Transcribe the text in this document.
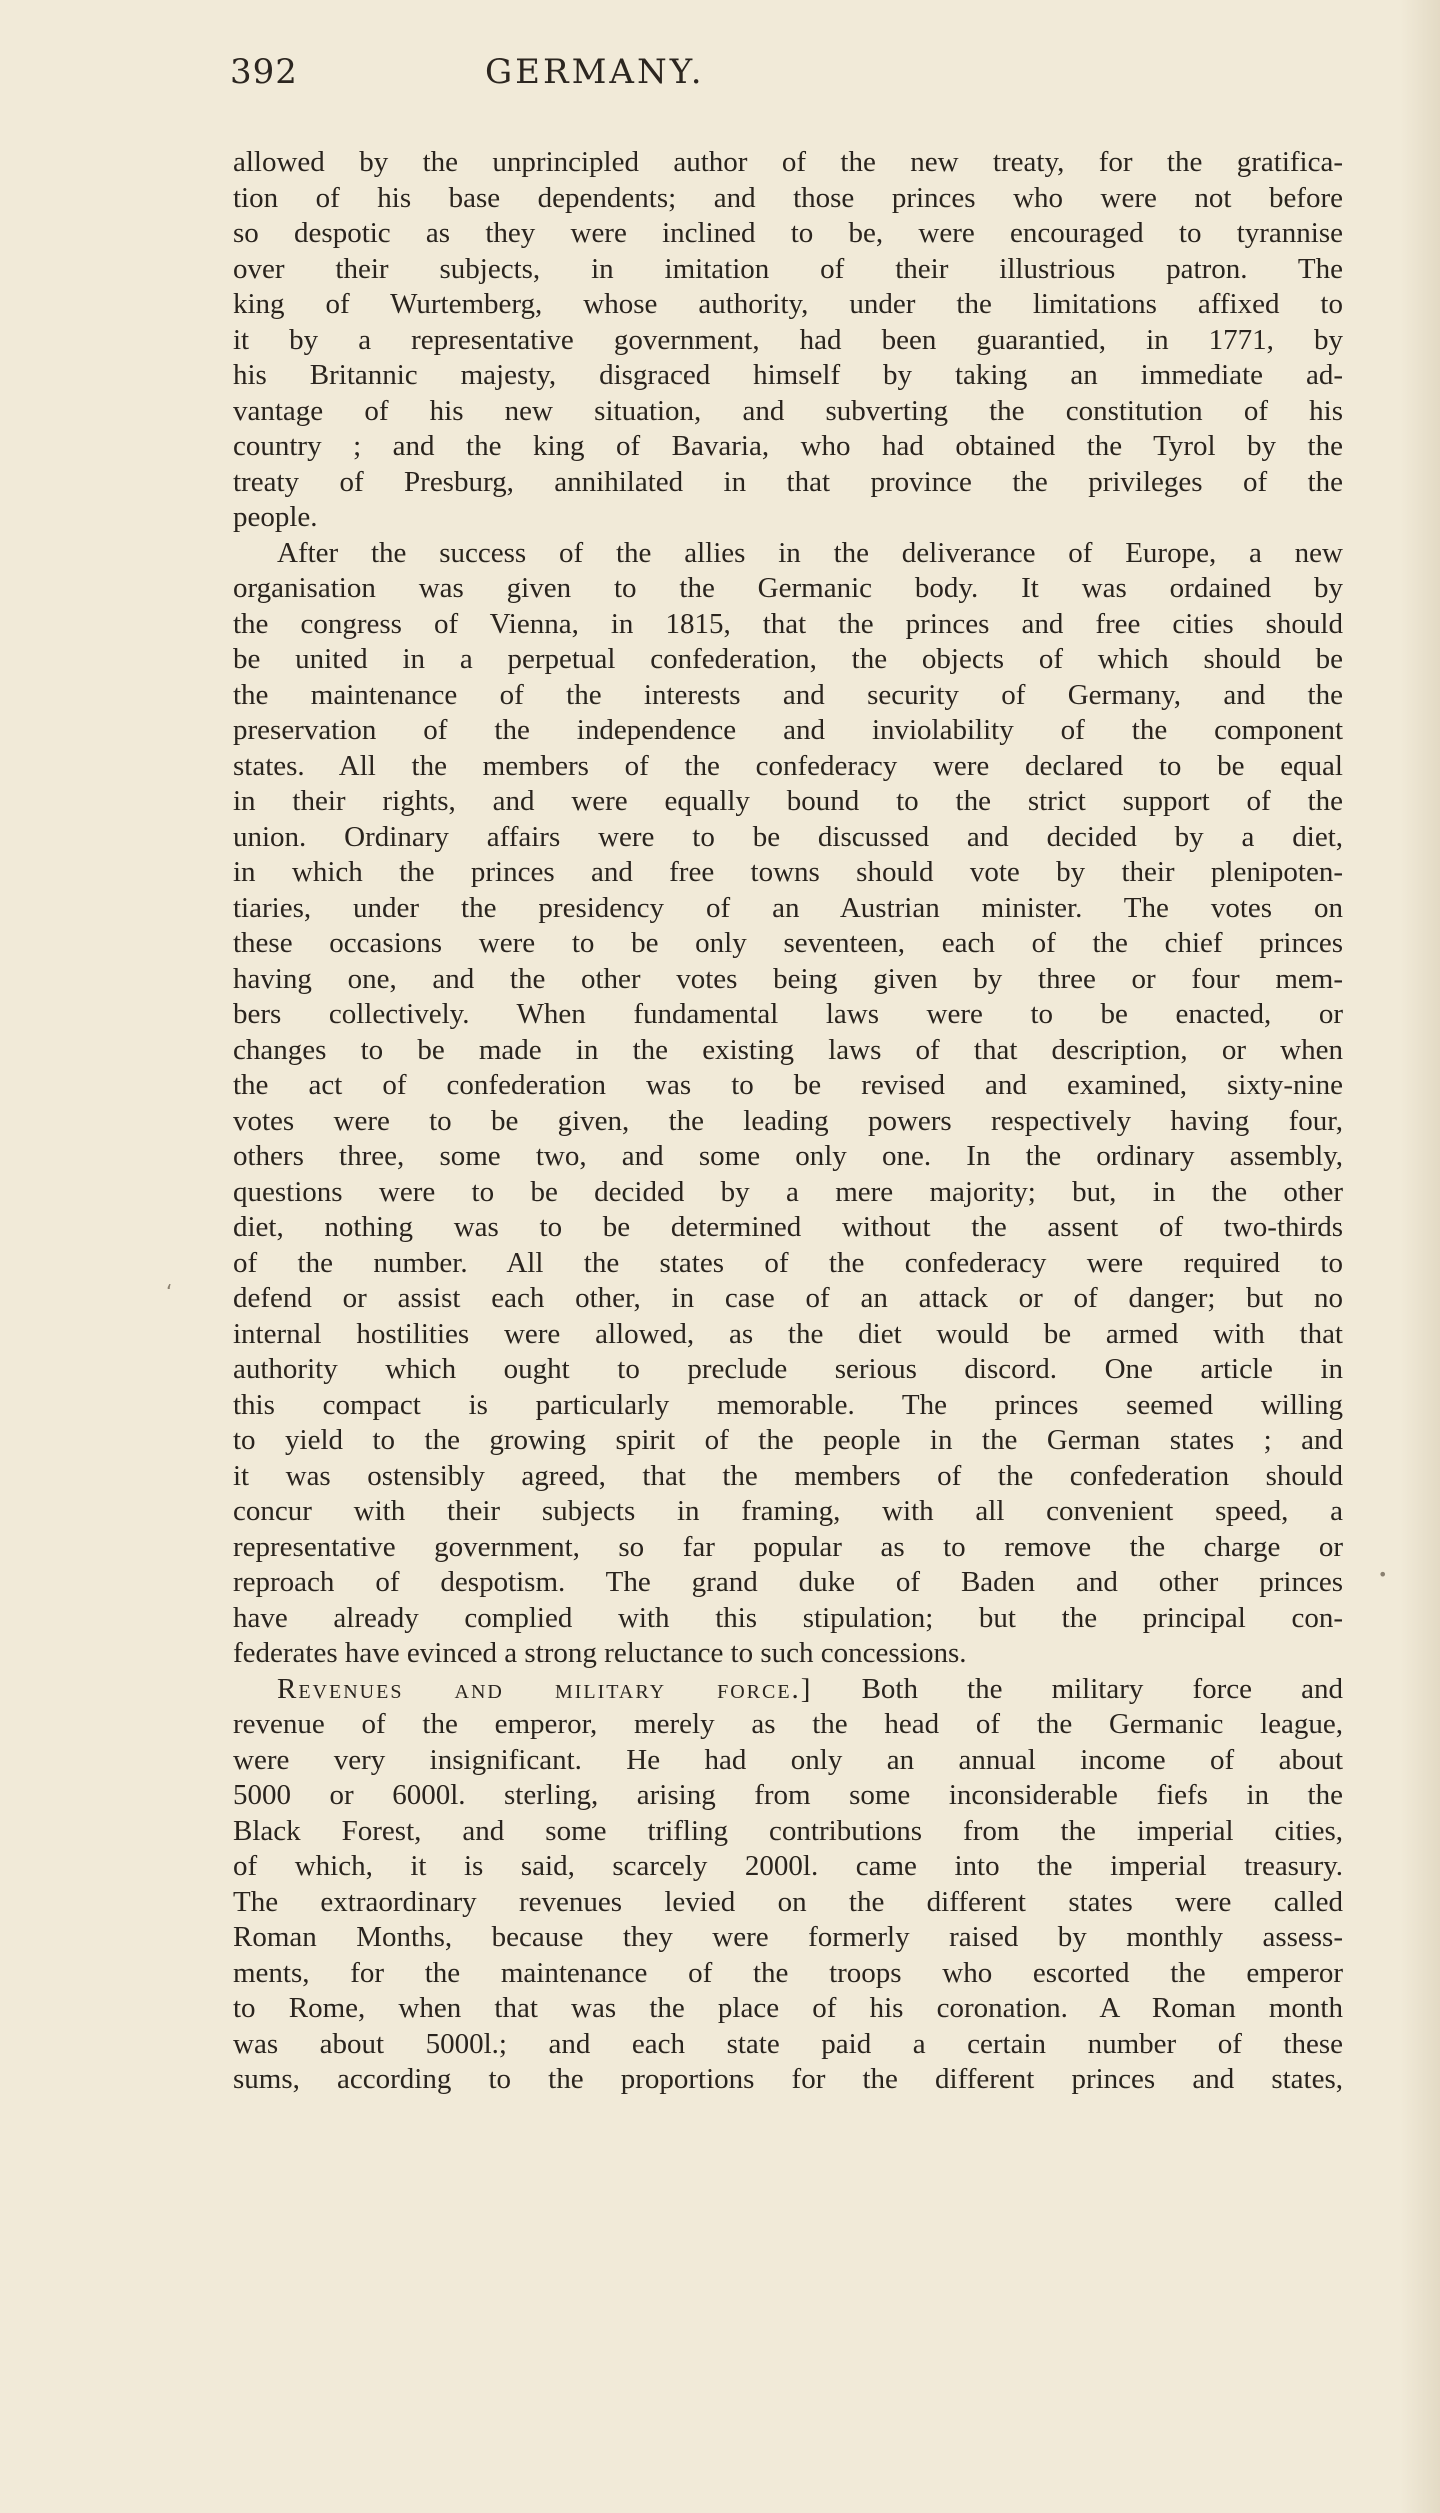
392	GERMANY.
allowed by the unprincipled author of the new treaty, for the gratifica-
tion of his base dependents; and those princes who were not before
so despotic as they were inclined to be, were encouraged to tyrannise
over their subjects, in imitation of their illustrious patron. The
king of Wurtemberg, whose authority, under the limitations affixed to
it by a representative government, had been guarantied, in 1771, by
his Britannic majesty, disgraced himself by taking an immediate ad-
vantage of his new situation, and subverting the constitution of his
country ; and the king of Bavaria, who had obtained the Tyrol by the
treaty of Presburg, annihilated in that province the privileges of the
people.
After the success of the allies in the deliverance of Europe, a new
organisation was given to the Germanic body. It was ordained by
the congress of Vienna, in 1815, that the princes and free cities should
be united in a perpetual confederation, the objects of which should be
the maintenance of the interests and security of Germany, and the
preservation of the independence and inviolability of the component
states. All the members of the confederacy were declared to be equal
in their rights, and were equally bound to the strict support of the
union. Ordinary affairs were to be discussed and decided by a diet,
in which the princes and free towns should vote by their plenipoten-
tiaries, under the presidency of an Austrian minister. The votes on
these occasions were to be only seventeen, each of the chief princes
having one, and the other votes being given by three or four mem-
bers collectively. When fundamental laws were to be enacted, or
changes to be made in the existing laws of that description, or when
the act of confederation was to be revised and examined, sixty-nine
votes were to be given, the leading powers respectively having four,
others three, some two, and some only one. In the ordinary assembly,
questions were to be decided by a mere majority; but, in the other
diet, nothing was to be determined without the assent of two-thirds
of the number. All the states of the confederacy were required to
defend or assist each other, in case of an attack or of danger; but no
internal hostilities were allowed, as the diet would be armed with that
authority which ought to preclude serious discord. One article in
this compact is particularly memorable. The princes seemed willing
to yield to the growing spirit of the people in the German states ; and
it was ostensibly agreed, that the members of the confederation should
concur with their subjects in framing, with all convenient speed, a
representative government, so far popular as to remove the charge or
reproach of despotism. The grand duke of Baden and other princes
have already complied with this stipulation; but the principal con-
federates have evinced a strong reluctance to such concessions.
Revenues and military force.] Both the military force and
revenue of the emperor, merely as the head of the Germanic league,
were very insignificant. He had only an annual income of about
5000 or 6000l. sterling, arising from some inconsiderable fiefs in the
Black Forest, and some trifling contributions from the imperial cities,
of which, it is said, scarcely 2000l. came into the imperial treasury.
The extraordinary revenues levied on the different states were called
Roman Months, because they were formerly raised by monthly assess-
ments, for the maintenance of the troops who escorted the emperor
to Rome, when that was the place of his coronation. A Roman month
was about 5000l.; and each state paid a certain number of these
sums, according to the proportions for the different princes and states,
‘
•
